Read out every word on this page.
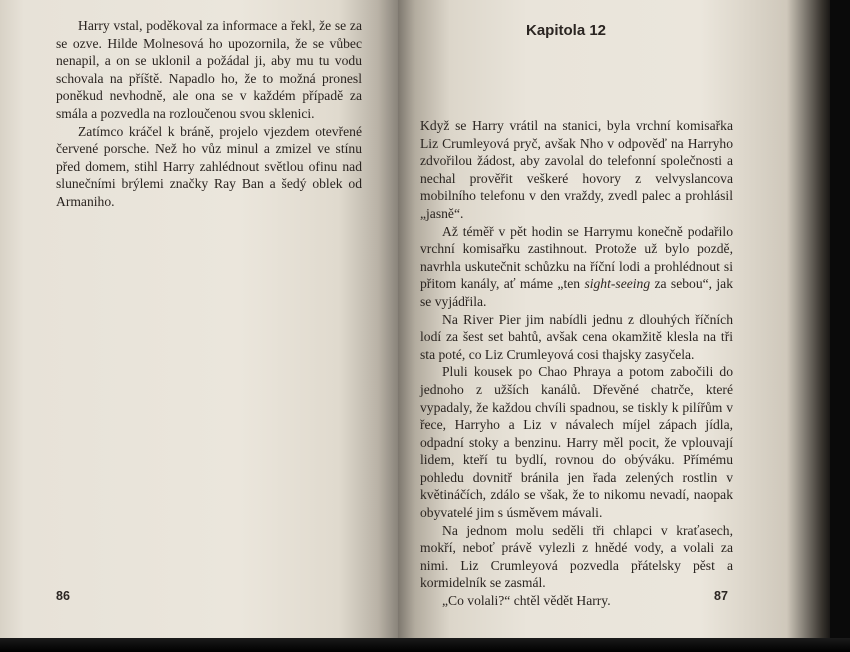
Harry vstal, poděkoval za informace a řekl, že se za se ozve. Hilde Molnesová ho upozornila, že se vůbec nenapil, a on se uklonil a požádal ji, aby mu tu vodu schovala na příště. Napadlo ho, že to možná pronesl poněkud nevhodně, ale ona se v každém případě za smála a pozvedla na rozloučenou svou sklenici.

Zatímco kráčel k bráně, projelo vjezdem otevřené červené porsche. Než ho vůz minul a zmizel ve stínu před domem, stihl Harry zahlédnout světlou ofinu nad slunečními brýlemi značky Ray Ban a šedý oblek od Armaniho.

86
Kapitola 12

Když se Harry vrátil na stanici, byla vrchní komisařka Liz Crumleyová pryč, avšak Nho v odpověď na Harryho zdvořilou žádost, aby zavolal do telefonní společnosti a nechal prověřit veškeré hovory z velvyslancova mobilního telefonu v den vraždy, zvedl palec a prohlásil „jasně“.

Až téměř v pět hodin se Harrymu konečně podařilo vrchní komisařku zastihnout. Protože už bylo pozdě, navrhla uskutečnit schůzku na říční lodi a prohlédnout si přitom kanály, ať máme „ten sight-seeing za sebou“, jak se vyjádřila.

Na River Pier jim nabídli jednu z dlouhých říčních lodí za šest set bahtů, avšak cena okamžitě klesla na tři sta poté, co Liz Crumleyová cosi thajsky zasyčela.

Pluli kousek po Chao Phraya a potom zabočili do jednoho z užších kanálů. Dřevěné chatrče, které vypadaly, že každou chvíli spadnou, se tiskly k pilířům v řece, Harryho a Liz v návalech míjel zápach jídla, odpadní stoky a benzinu. Harry měl pocit, že vplouvají lidem, kteří tu bydlí, rovnou do obýváku. Přímému pohledu dovnitř bránila jen řada zelených rostlin v květináčích, zdálo se však, že to nikomu nevadí, naopak obyvatelé jim s úsměvem mávali.

Na jednom molu seděli tři chlapci v kraťasech, mokří, neboť právě vylezli z hnědé vody, a volali za nimi. Liz Crumleyová pozvedla přátelsky pěst a kormidelník se zasmál.

„Co volali?“ chtěl vědět Harry.	87
